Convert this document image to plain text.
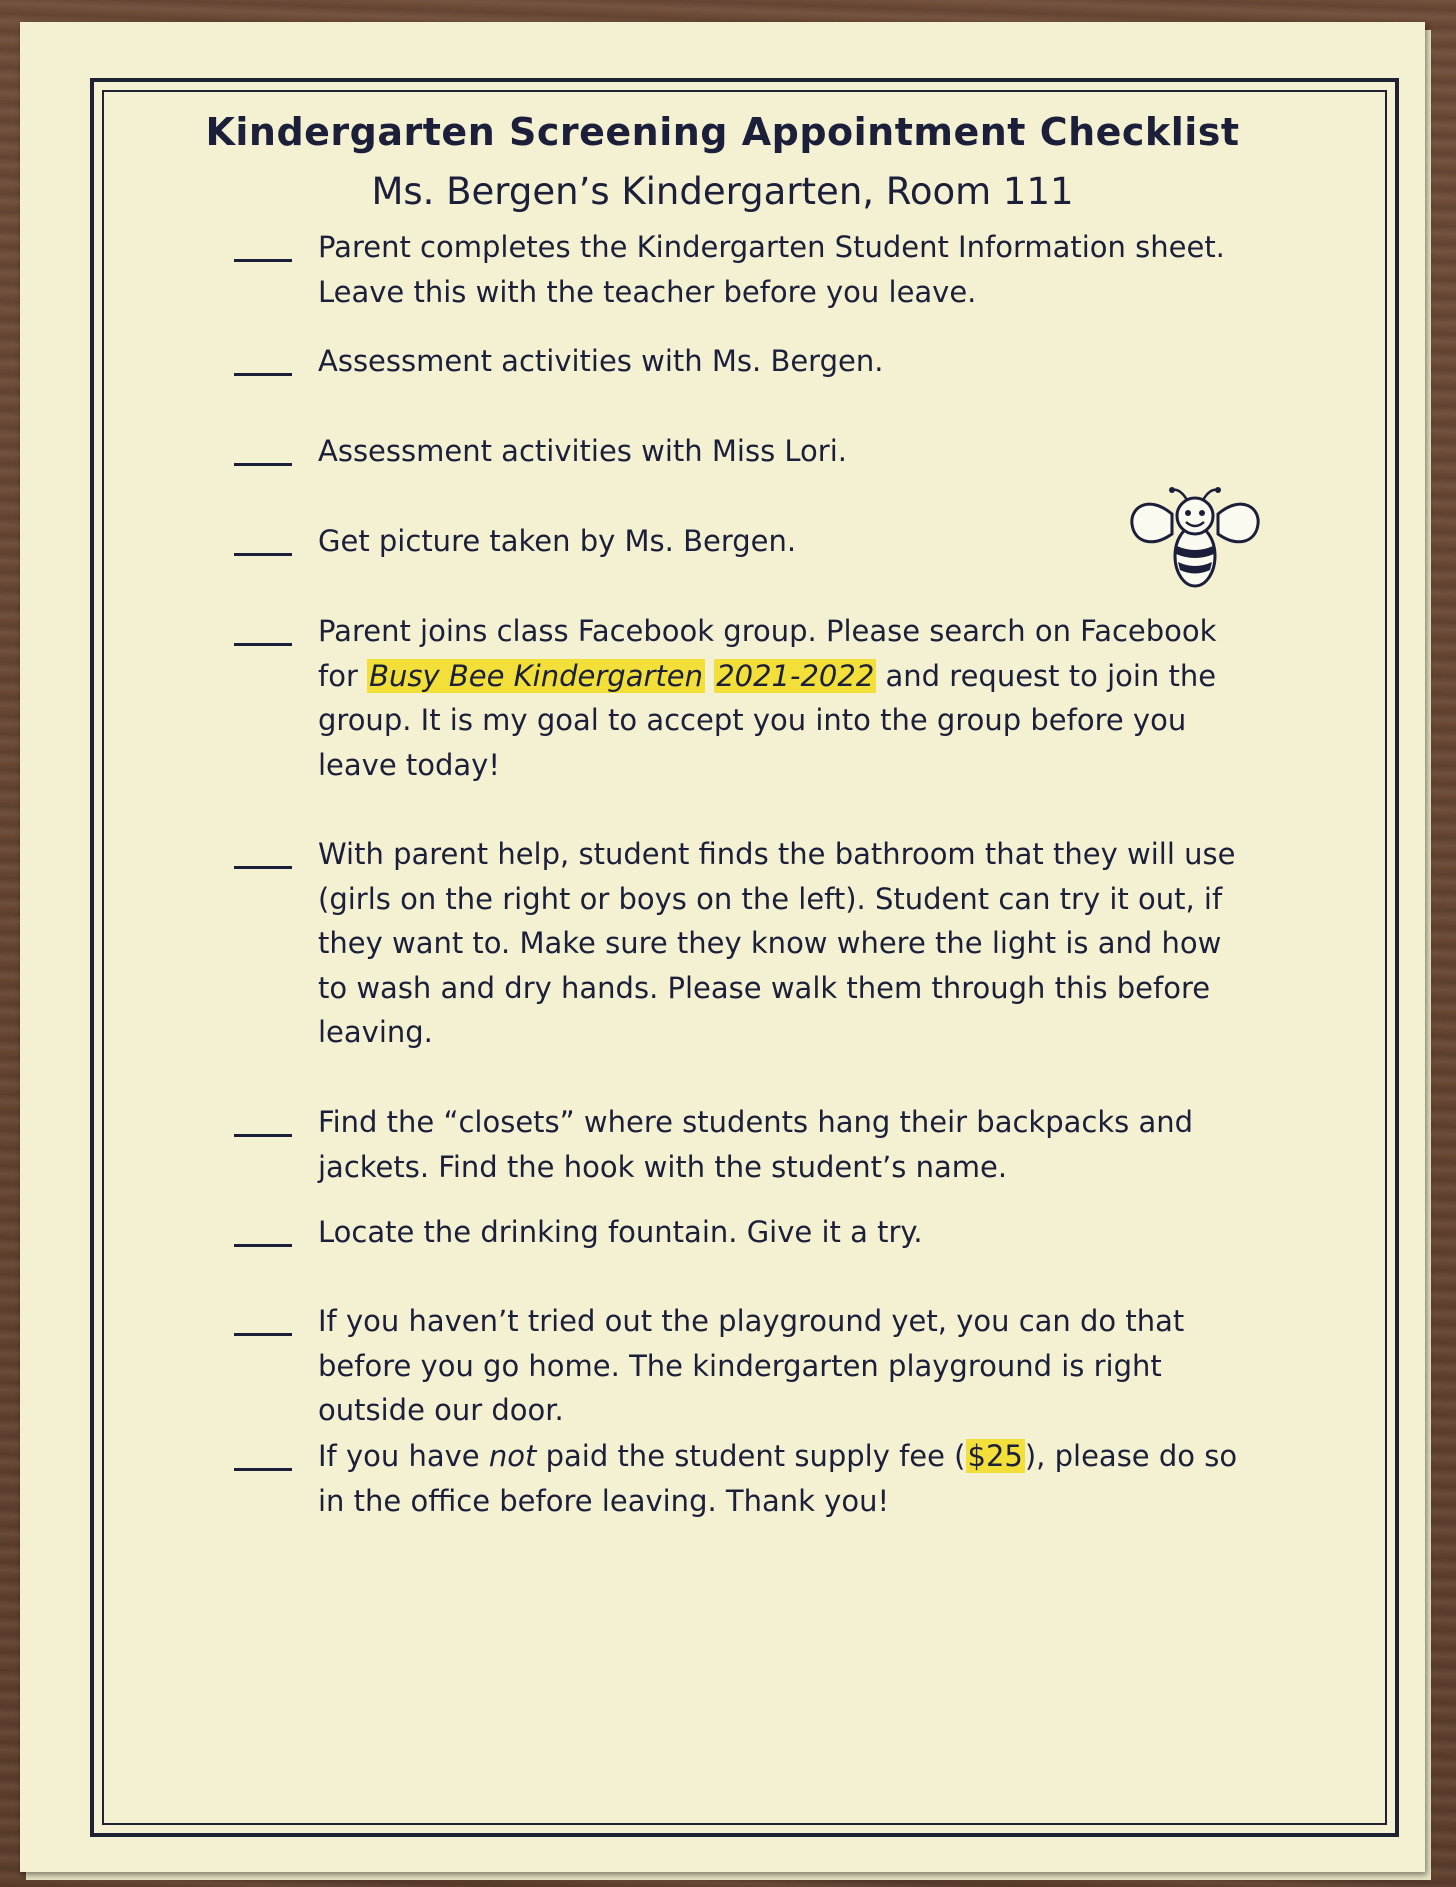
Kindergarten Screening Appointment Checklist
Ms. Bergen’s Kindergarten, Room 111
Parent completes the Kindergarten Student Information sheet. Leave this with the teacher before you leave.
Assessment activities with Ms. Bergen.
Assessment activities with Miss Lori.
Get picture taken by Ms. Bergen.
Parent joins class Facebook group. Please search on Facebook for Busy Bee Kindergarten 2021-2022 and request to join the group. It is my goal to accept you into the group before you leave today!
With parent help, student finds the bathroom that they will use (girls on the right or boys on the left). Student can try it out, if they want to. Make sure they know where the light is and how to wash and dry hands. Please walk them through this before leaving.
Find the “closets” where students hang their backpacks and jackets. Find the hook with the student’s name.
Locate the drinking fountain. Give it a try.
If you haven’t tried out the playground yet, you can do that before you go home. The kindergarten playground is right outside our door.
If you have not paid the student supply fee ($25), please do so in the office before leaving. Thank you!
